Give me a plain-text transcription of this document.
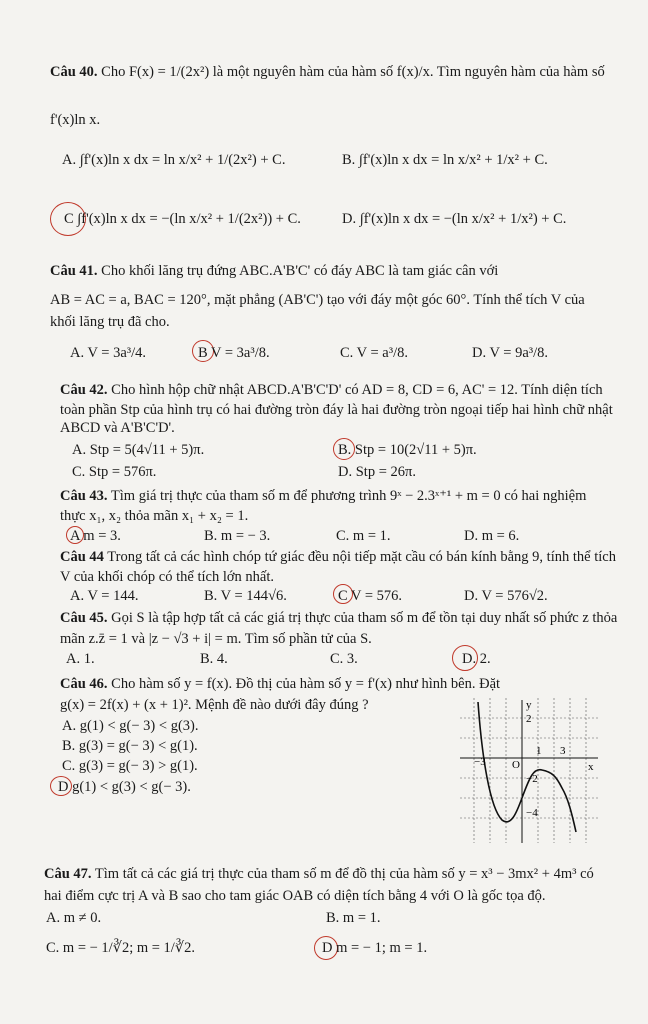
Câu 40. Cho F(x) = 1/(2x²) là một nguyên hàm của hàm số f(x)/x. Tìm nguyên hàm của hàm số
f'(x)ln x.
A. ∫f'(x)ln x dx = ln x/x² + 1/(2x²) + C.	B. ∫f'(x)ln x dx = ln x/x² + 1/x² + C.
C ∫f'(x)ln x dx = −(ln x/x² + 1/(2x²)) + C.	D. ∫f'(x)ln x dx = −(ln x/x² + 1/x²) + C.
Câu 41. Cho khối lăng trụ đứng ABC.A'B'C' có đáy ABC là tam giác cân với
AB = AC = a, BAC = 120°, mặt phẳng (AB'C') tạo với đáy một góc 60°. Tính thể tích V của
khối lăng trụ đã cho.
A. V = 3a³/4.	B V = 3a³/8.	C. V = a³/8.	D. V = 9a³/8.
Câu 42. Cho hình hộp chữ nhật ABCD.A'B'C'D' có AD = 8, CD = 6, AC' = 12. Tính diện tích
toàn phần Stp của hình trụ có hai đường tròn đáy là hai đường tròn ngoại tiếp hai hình chữ nhật
ABCD và A'B'C'D'.
A. Stp = 5(4√11 + 5)π.	B. Stp = 10(2√11 + 5)π.
C. Stp = 576π.	D. Stp = 26π.
Câu 43. Tìm giá trị thực của tham số m để phương trình 9ˣ − 2.3ˣ⁺¹ + m = 0 có hai nghiệm
thực x₁, x₂ thỏa mãn x₁ + x₂ = 1.
A m = 3.	B. m = − 3.	C. m = 1.	D. m = 6.
Câu 44 Trong tất cả các hình chóp tứ giác đều nội tiếp mặt cầu có bán kính bằng 9, tính thể tích
V của khối chóp có thể tích lớn nhất.
A. V = 144.	B. V = 144√6.	C V = 576.	D. V = 576√2.
Câu 45. Gọi S là tập hợp tất cả các giá trị thực của tham số m để tồn tại duy nhất số phức z thỏa
mãn z.z̄ = 1 và |z − √3 + i| = m. Tìm số phần tử của S.
A. 1.	B. 4.	C. 3.	D. 2.
Câu 46. Cho hàm số y = f(x). Đồ thị của hàm số y = f'(x) như hình bên. Đặt
g(x) = 2f(x) + (x + 1)². Mệnh đề nào dưới đây đúng ?
A. g(1) < g(− 3) < g(3).
B. g(3) = g(− 3) < g(1).
C. g(3) = g(− 3) > g(1).
D g(1) < g(3) < g(− 3).
y
x
O
2
1 3
−3
−2
−4
Câu 47. Tìm tất cả các giá trị thực của tham số m để đồ thị của hàm số y = x³ − 3mx² + 4m³ có
hai điểm cực trị A và B sao cho tam giác OAB có diện tích bằng 4 với O là gốc tọa độ.
A. m ≠ 0.	B. m = 1.
C. m = − 1/∛2; m = 1/∛2.	D m = − 1; m = 1.
